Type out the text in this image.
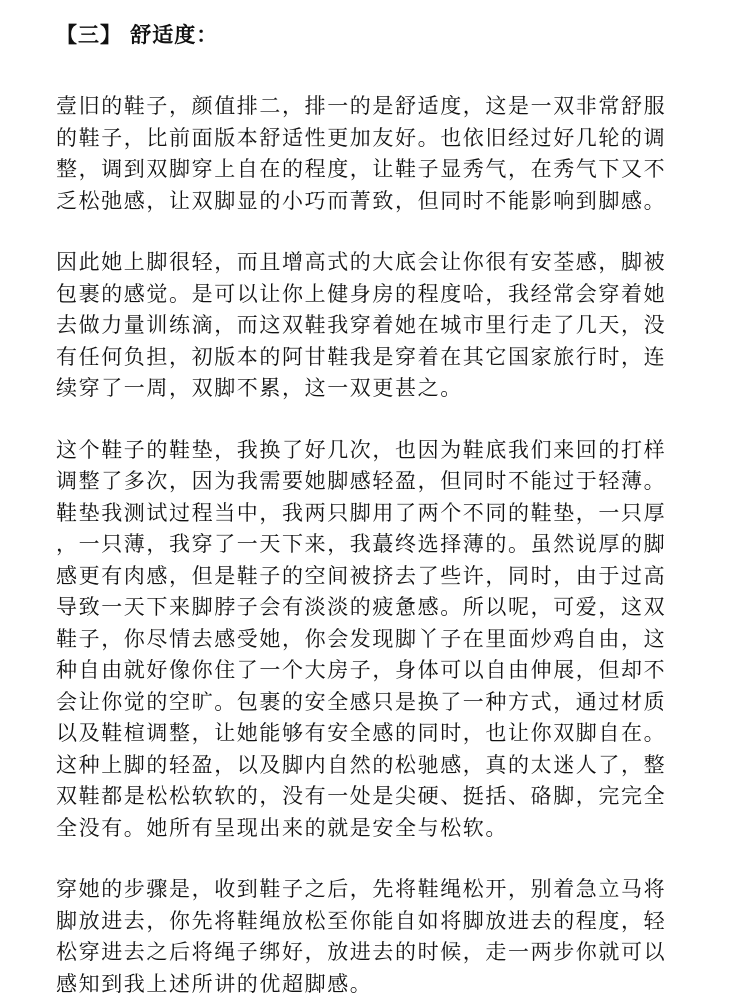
【三】 舒适度：

壹旧的鞋子，颜值排二，排一的是舒适度，这是一双非常舒服
的鞋子，比前面版本舒适性更加友好。也依旧经过好几轮的调
整，调到双脚穿上自在的程度，让鞋子显秀气，在秀气下又不
乏松弛感，让双脚显的小巧而菁致，但同时不能影响到脚感。

因此她上脚很轻，而且增高式的大底会让你很有安荃感，脚被
包裹的感觉。是可以让你上健身房的程度哈，我经常会穿着她
去做力量训练滴，而这双鞋我穿着她在城市里行走了几天，没
有任何负担，初版本的阿甘鞋我是穿着在其它国家旅行时，连
续穿了一周，双脚不累，这一双更甚之。

这个鞋子的鞋垫，我换了好几次，也因为鞋底我们来回的打样
调整了多次，因为我需要她脚感轻盈，但同时不能过于轻薄。
鞋垫我测试过程当中，我两只脚用了两个不同的鞋垫，一只厚
，一只薄，我穿了一天下来，我蕞终选择薄的。虽然说厚的脚
感更有肉感，但是鞋子的空间被挤去了些许，同时，由于过高
导致一天下来脚脖子会有淡淡的疲惫感。所以呢，可爱，这双
鞋子，你尽情去感受她，你会发现脚丫子在里面炒鸡自由，这
种自由就好像你住了一个大房子，身体可以自由伸展，但却不
会让你觉的空旷。包裹的安全感只是换了一种方式，通过材质
以及鞋楦调整，让她能够有安全感的同时，也让你双脚自在。
这种上脚的轻盈，以及脚内自然的松驰感，真的太迷人了，整
双鞋都是松松软软的，没有一处是尖硬、挺括、硌脚，完完全
全没有。她所有呈现出来的就是安全与松软。

穿她的步骤是，收到鞋子之后，先将鞋绳松开，别着急立马将
脚放进去，你先将鞋绳放松至你能自如将脚放进去的程度，轻
松穿进去之后将绳子绑好，放进去的时候，走一两步你就可以
感知到我上述所讲的优超脚感。
